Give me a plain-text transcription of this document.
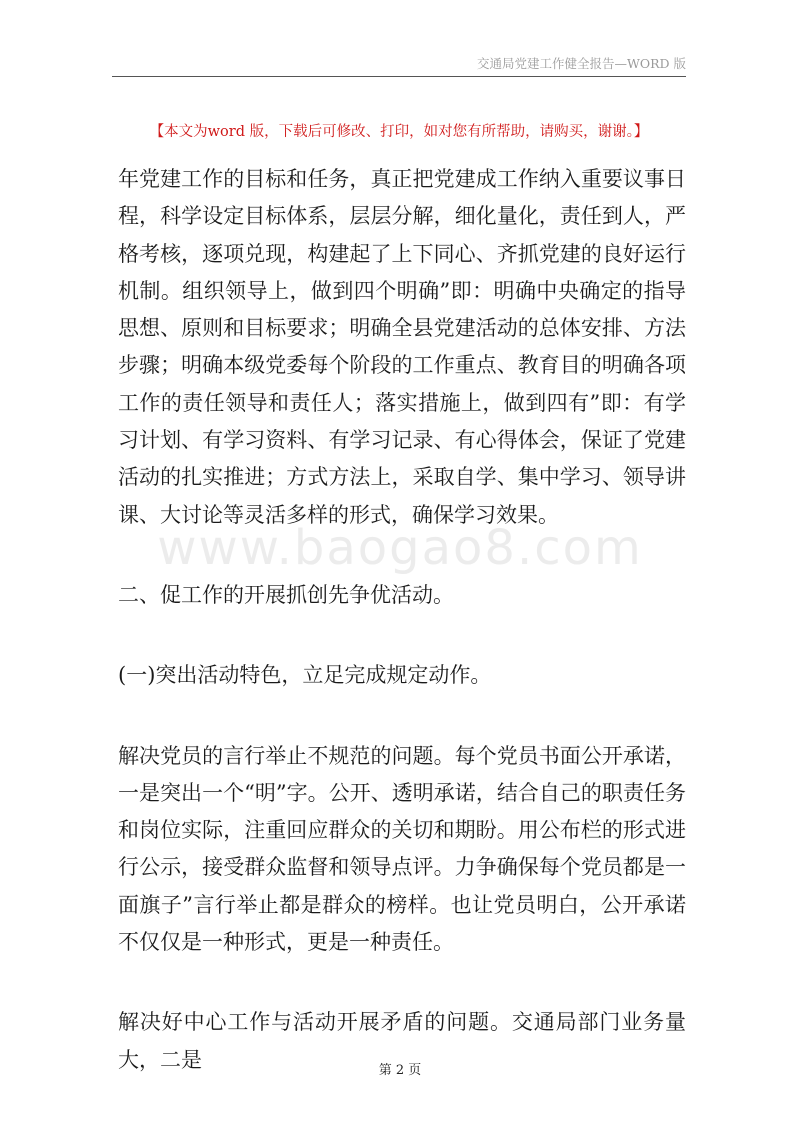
交通局党建工作健全报告—WORD 版
【本文为word 版，下载后可修改、打印，如对您有所帮助，请购买，谢谢。】
www.baogao8.com

年党建工作的目标和任务，真正把党建成工作纳入重要议事日程，科学设定目标体系，层层分解，细化量化，责任到人，严格考核，逐项兑现，构建起了上下同心、齐抓党建的良好运行机制。组织领导上，做到四个明确”即：明确中央确定的指导思想、原则和目标要求；明确全县党建活动的总体安排、方法步骤；明确本级党委每个阶段的工作重点、教育目的明确各项工作的责任领导和责任人；落实措施上，做到四有”即：有学习计划、有学习资料、有学习记录、有心得体会，保证了党建活动的扎实推进；方式方法上，采取自学、集中学习、领导讲课、大讨论等灵活多样的形式，确保学习效果。

二、促工作的开展抓创先争优活动。

(一)突出活动特色，立足完成规定动作。

解决党员的言行举止不规范的问题。每个党员书面公开承诺，一是突出一个“明”字。公开、透明承诺，结合自己的职责任务和岗位实际，注重回应群众的关切和期盼。用公布栏的形式进行公示，接受群众监督和领导点评。力争确保每个党员都是一面旗子”言行举止都是群众的榜样。也让党员明白，公开承诺不仅仅是一种形式，更是一种责任。

解决好中心工作与活动开展矛盾的问题。交通局部门业务量大，二是	第 2 页
